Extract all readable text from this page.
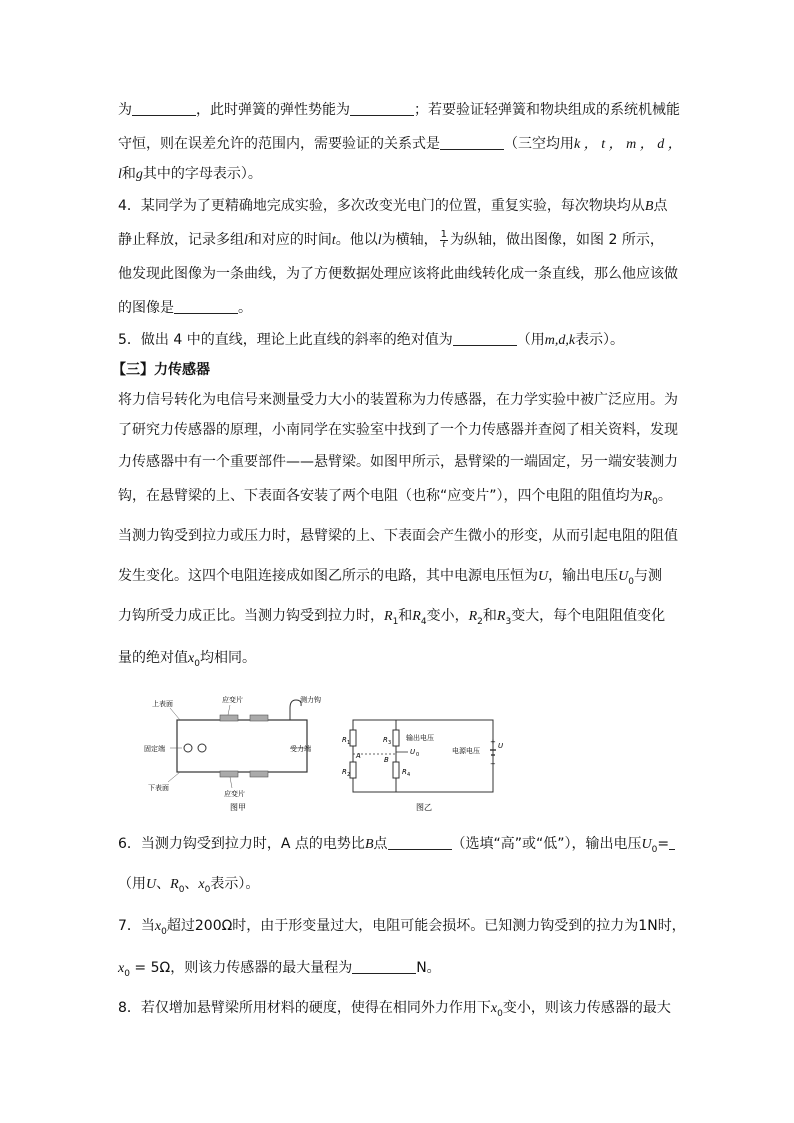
为	，此时弹簧的弹性势能为	；若要验证轻弹簧和物块组成的系统机械能
守恒，则在误差允许的范围内，需要验证的关系式是	（三空均用k ， t ， m ， d ，
l和g其中的字母表示）。
4．某同学为了更精确地完成实验，多次改变光电门的位置，重复实验，每次物块均从B点
静止释放，记录多组l和对应的时间t。他以l为横轴， $\frac{1}{t}$ 为纵轴，做出图像，如图 2 所示，
他发现此图像为一条曲线，为了方便数据处理应该将此曲线转化成一条直线，那么他应该做
的图像是	。
5．做出 4 中的直线，理论上此直线的斜率的绝对值为	（用m,d,k表示）。
【三】力传感器
将力信号转化为电信号来测量受力大小的装置称为力传感器，在力学实验中被广泛应用。为
了研究力传感器的原理，小南同学在实验室中找到了一个力传感器并查阅了相关资料，发现
力传感器中有一个重要部件——悬臂梁。如图甲所示，悬臂梁的一端固定，另一端安装测力
钩，在悬臂梁的上、下表面各安装了两个电阻（也称“应变片”），四个电阻的阻值均为$R_0$。
当测力钩受到拉力或压力时，悬臂梁的上、下表面会产生微小的形变，从而引起电阻的阻值
发生变化。这四个电阻连接成如图乙所示的电路，其中电源电压恒为U，输出电压$U_0$与测
力钩所受力成正比。当测力钩受到拉力时，$R_1$和$R_4$变小，$R_2$和$R_3$变大，每个电阻阻值变化
量的绝对值$x_0$均相同。
6．当测力钩受到拉力时，A 点的电势比B点	（选填“高”或“低”），输出电压$U_0=$
（用U、$R_0$、$x_0$表示）。
7．当$x_0$超过200Ω时，由于形变量过大，电阻可能会损坏。已知测力钩受到的拉力为1N时，
$x_0 = 5\Omega$，则该力传感器的最大量程为	N。
8．若仅增加悬臂梁所用材料的硬度，使得在相同外力作用下$x_0$变小，则该力传感器的最大
上表面	应变片	测力钩
固定端	受力端
下表面
应变片
图甲
R 1
R 2
R 3
R 4
A	B
输出电压
U 0	电源电压
U
+
−
图乙
